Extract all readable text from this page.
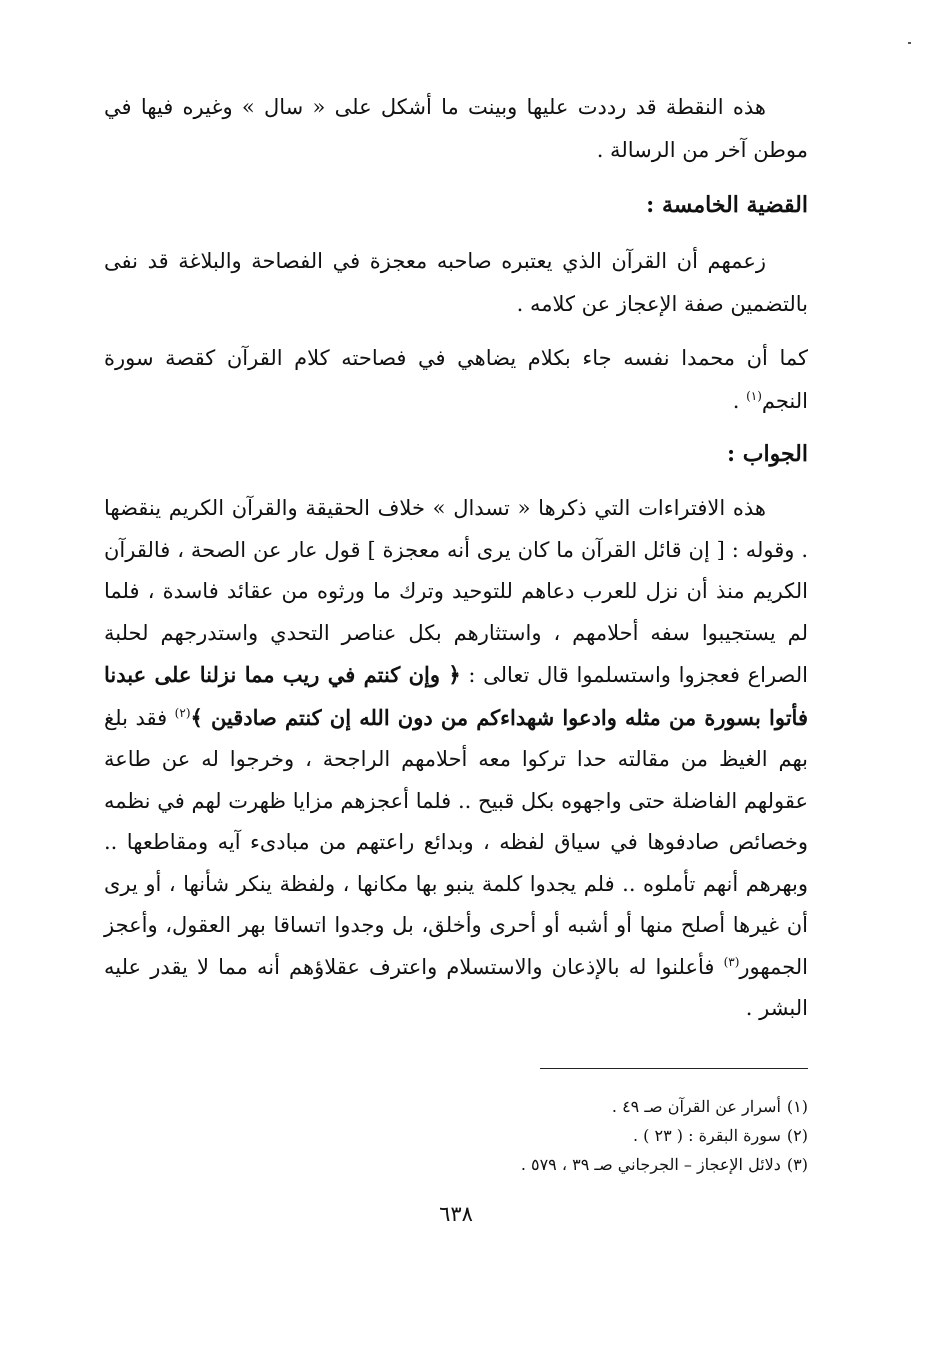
هذه النقطة قد رددت عليها وبينت ما أشكل على « سال » وغيره فيها في موطن آخر من الرسالة .
القضية الخامسة :
زعمهم أن القرآن الذي يعتبره صاحبه معجزة في الفصاحة والبلاغة قد نفى بالتضمين صفة الإعجاز عن كلامه .
كما أن محمدا نفسه جاء بكلام يضاهي في فصاحته كلام القرآن كقصة سورة النجم$^{(١)}$ .
الجواب :
هذه الافتراءات التي ذكرها « تسدال » خلاف الحقيقة والقرآن الكريم ينقضها . وقوله : [ إن قائل القرآن ما كان يرى أنه معجزة ] قول عار عن الصحة ، فالقرآن الكريم منذ أن نزل للعرب دعاهم للتوحيد وترك ما ورثوه من عقائد فاسدة ، فلما لم يستجيبوا سفه أحلامهم ، واستثارهم بكل عناصر التحدي واستدرجهم لحلبة الصراع فعجزوا واستسلموا قال تعالى : ﴿ وإن كنتم في ريب مما نزلنا على عبدنا فأتوا بسورة من مثله وادعوا شهداءكم من دون الله إن كنتم صادقين ﴾$^{(٢)}$ فقد بلغ بهم الغيظ من مقالته حدا تركوا معه أحلامهم الراجحة ، وخرجوا له عن طاعة عقولهم الفاضلة حتى واجهوه بكل قبيح .. فلما أعجزهم مزايا ظهرت لهم في نظمه وخصائص صادفوها في سياق لفظه ، وبدائع راعتهم من مبادىء آيه ومقاطعها .. وبهرهم أنهم تأملوه .. فلم يجدوا كلمة ينبو بها مكانها ، ولفظة ينكر شأنها ، أو يرى أن غيرها أصلح منها أو أشبه أو أحرى وأخلق، بل وجدوا اتساقا بهر العقول، وأعجز الجمهور$^{(٣)}$ فأعلنوا له بالإذعان والاستسلام واعترف عقلاؤهم أنه مما لا يقدر عليه البشر .
(١)أسرار عن القرآن صـ ٤٩ .
(٢)سورة البقرة : ( ٢٣ ) .
(٣)دلائل الإعجاز – الجرجاني صـ ٣٩ ، ٥٧٩ .
٦٣٨
